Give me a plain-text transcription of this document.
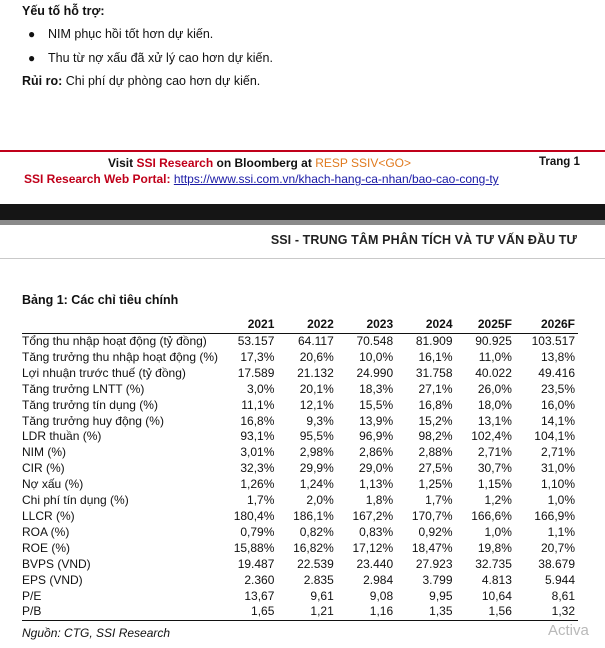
Yếu tố hỗ trợ:
● NIM phục hồi tốt hơn dự kiến.
● Thu từ nợ xấu đã xử lý cao hơn dự kiến.
Rủi ro: Chi phí dự phòng cao hơn dự kiến.
Visit SSI Research on Bloomberg at RESP SSIV<GO>	Trang 1
SSI Research Web Portal: https://www.ssi.com.vn/khach-hang-ca-nhan/bao-cao-cong-ty
SSI - TRUNG TÂM PHÂN TÍCH VÀ TƯ VẤN ĐẦU TƯ
Bảng 1: Các chỉ tiêu chính
	2021	2022	2023	2024	2025F	2026F
Tổng thu nhập hoạt động (tỷ đồng)	53.157	64.117	70.548	81.909	90.925	103.517
Tăng trưởng thu nhập hoạt động (%)	17,3%	20,6%	10,0%	16,1%	11,0%	13,8%
Lợi nhuận trước thuế (tỷ đồng)	17.589	21.132	24.990	31.758	40.022	49.416
Tăng trưởng LNTT (%)	3,0%	20,1%	18,3%	27,1%	26,0%	23,5%
Tăng trưởng tín dụng (%)	11,1%	12,1%	15,5%	16,8%	18,0%	16,0%
Tăng trưởng huy động (%)	16,8%	9,3%	13,9%	15,2%	13,1%	14,1%
LDR thuần (%)	93,1%	95,5%	96,9%	98,2%	102,4%	104,1%
NIM (%)	3,01%	2,98%	2,86%	2,88%	2,71%	2,71%
CIR (%)	32,3%	29,9%	29,0%	27,5%	30,7%	31,0%
Nợ xấu (%)	1,26%	1,24%	1,13%	1,25%	1,15%	1,10%
Chi phí tín dụng (%)	1,7%	2,0%	1,8%	1,7%	1,2%	1,0%
LLCR (%)	180,4%	186,1%	167,2%	170,7%	166,6%	166,9%
ROA (%)	0,79%	0,82%	0,83%	0,92%	1,0%	1,1%
ROE (%)	15,88%	16,82%	17,12%	18,47%	19,8%	20,7%
BVPS (VND)	19.487	22.539	23.440	27.923	32.735	38.679
EPS (VND)	2.360	2.835	2.984	3.799	4.813	5.944
P/E	13,67	9,61	9,08	9,95	10,64	8,61
P/B	1,65	1,21	1,16	1,35	1,56	1,32
Nguồn: CTG, SSI Research	Activa
